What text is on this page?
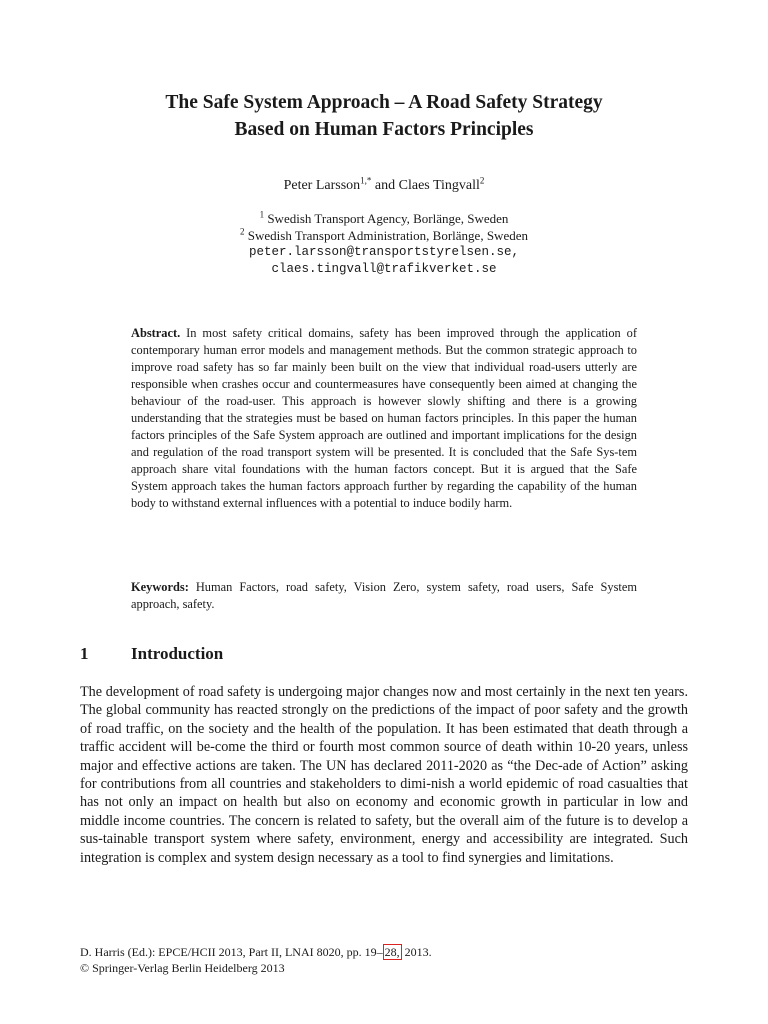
The Safe System Approach – A Road Safety Strategy
Based on Human Factors Principles
Peter Larsson$^{1,*}$ and Claes Tingvall$^2$
$^1$ Swedish Transport Agency, Borlänge, Sweden
$^2$ Swedish Transport Administration, Borlänge, Sweden
peter.larsson@transportstyrelsen.se,
claes.tingvall@trafikverket.se
Abstract. In most safety critical domains, safety has been improved through the application of contemporary human error models and management methods. But the common strategic approach to improve road safety has so far mainly been built on the view that individual road-users utterly are responsible when crashes occur and countermeasures have consequently been aimed at changing the behaviour of the road-user. This approach is however slowly shifting and there is a growing understanding that the strategies must be based on human factors principles. In this paper the human factors principles of the Safe System approach are outlined and important implications for the design and regulation of the road transport system will be presented. It is concluded that the Safe Sys-tem approach share vital foundations with the human factors concept. But it is argued that the Safe System approach takes the human factors approach further by regarding the capability of the human body to withstand external influences with a potential to induce bodily harm.
Keywords: Human Factors, road safety, Vision Zero, system safety, road users, Safe System approach, safety.
1	Introduction
The development of road safety is undergoing major changes now and most certainly in the next ten years. The global community has reacted strongly on the predictions of the impact of poor safety and the growth of road traffic, on the society and the health of the population. It has been estimated that death through a traffic accident will be-come the third or fourth most common source of death within 10-20 years, unless major and effective actions are taken. The UN has declared 2011-2020 as “the Dec-ade of Action” asking for contributions from all countries and stakeholders to dimi-nish a world epidemic of road casualties that has not only an impact on health but also on economy and economic growth in particular in low and middle income countries. The concern is related to safety, but the overall aim of the future is to develop a sus-tainable transport system where safety, environment, energy and accessibility are integrated. Such integration is complex and system design necessary as a tool to find synergies and limitations.
D. Harris (Ed.): EPCE/HCII 2013, Part II, LNAI 8020, pp. 19– 28, 2013.
© Springer-Verlag Berlin Heidelberg 2013
